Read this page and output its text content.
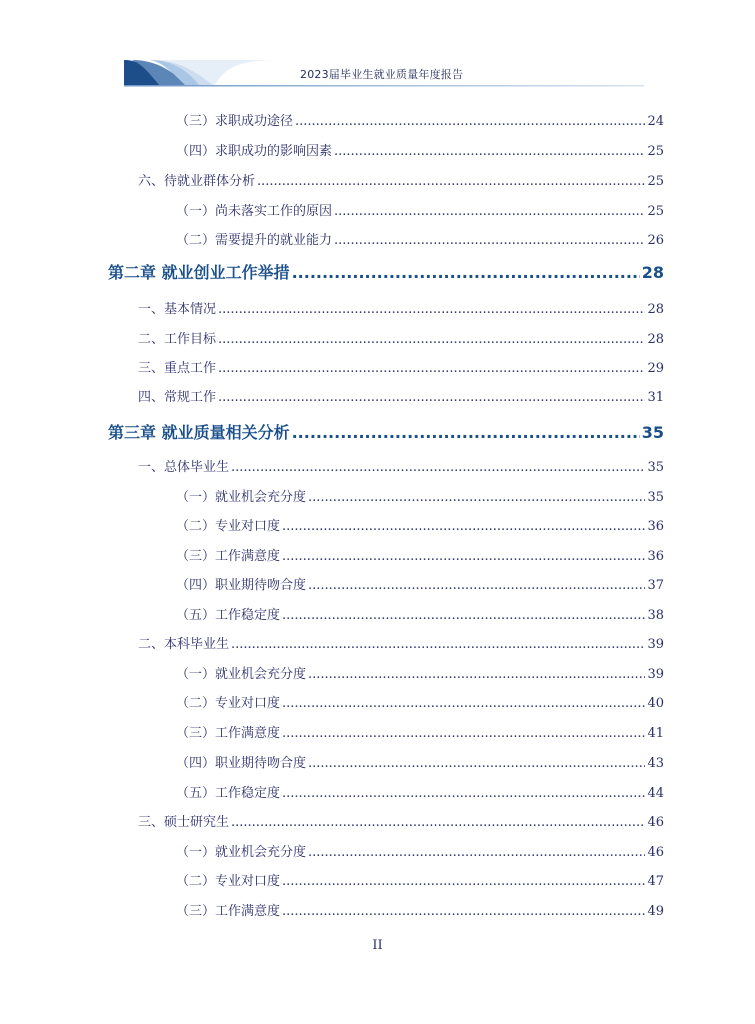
2023届毕业生就业质量年度报告
（三）求职成功途径 .....	24
（四）求职成功的影响因素 .....	25
六、待就业群体分析 .....	25
（一）尚未落实工作的原因 .....	25
（二）需要提升的就业能力 .....	26
第二章 就业创业工作举措 .....	28
一、基本情况 .....	28
二、工作目标 .....	28
三、重点工作 .....	29
四、常规工作 .....	31
第三章 就业质量相关分析 .....	35
一、总体毕业生 .....	35
（一）就业机会充分度 .....	35
（二）专业对口度 .....	36
（三）工作满意度 .....	36
（四）职业期待吻合度 .....	37
（五）工作稳定度 .....	38
二、本科毕业生 .....	39
（一）就业机会充分度 .....	39
（二）专业对口度 .....	40
（三）工作满意度 .....	41
（四）职业期待吻合度 .....	43
（五）工作稳定度 .....	44
三、硕士研究生 .....	46
（一）就业机会充分度 .....	46
（二）专业对口度 .....	47
（三）工作满意度 .....	49
II
